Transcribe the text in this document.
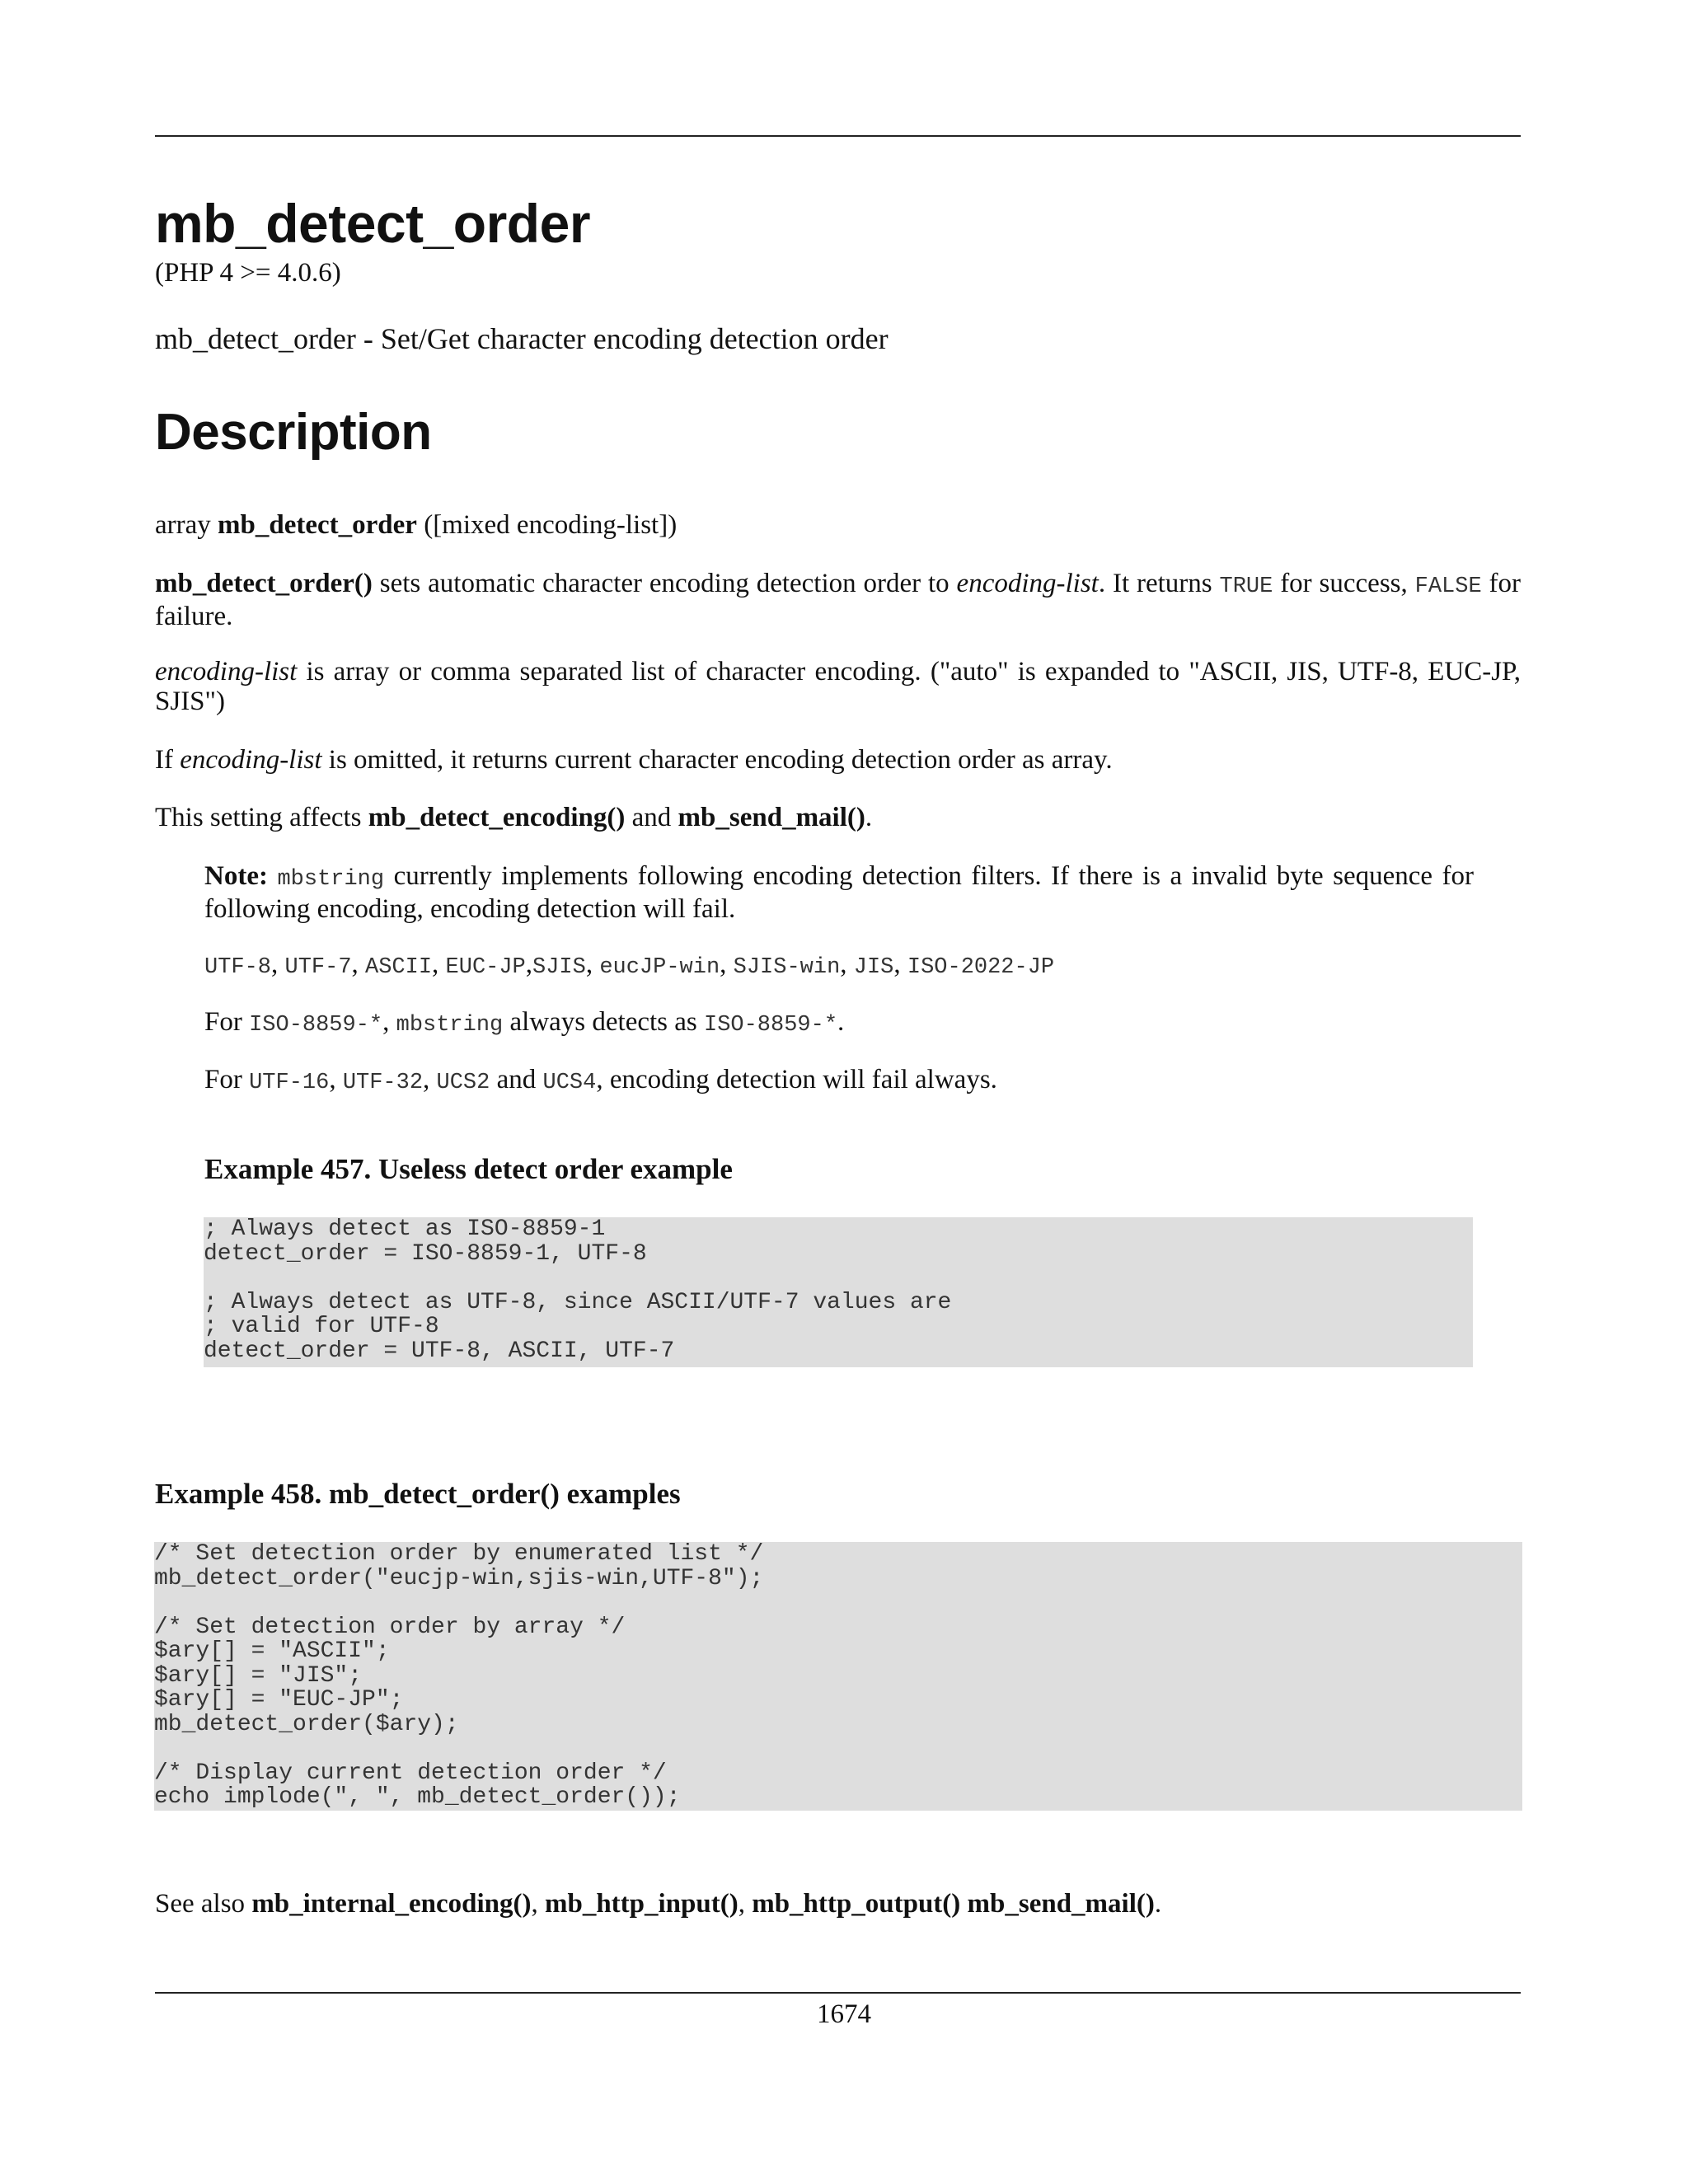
mb_detect_order
(PHP 4 >= 4.0.6)
mb_detect_order - Set/Get character encoding detection order
Description
array mb_detect_order ([mixed encoding-list])
mb_detect_order() sets automatic character encoding detection order to encoding-list. It returns TRUE for success, FALSE for failure.
encoding-list is array or comma separated list of character encoding. ("auto" is expanded to "ASCII, JIS, UTF-8, EUC-JP, SJIS")
If encoding-list is omitted, it returns current character encoding detection order as array.
This setting affects mb_detect_encoding() and mb_send_mail().
Note: mbstring currently implements following encoding detection filters. If there is a invalid byte sequence for following encoding, encoding detection will fail.
UTF-8, UTF-7, ASCII, EUC-JP,SJIS, eucJP-win, SJIS-win, JIS, ISO-2022-JP
For ISO-8859-*, mbstring always detects as ISO-8859-*.
For UTF-16, UTF-32, UCS2 and UCS4, encoding detection will fail always.
Example 457. Useless detect order example
; Always detect as ISO-8859-1
detect_order = ISO-8859-1, UTF-8
; Always detect as UTF-8, since ASCII/UTF-7 values are
; valid for UTF-8
detect_order = UTF-8, ASCII, UTF-7
Example 458. mb_detect_order() examples
/* Set detection order by enumerated list */
mb_detect_order("eucjp-win,sjis-win,UTF-8");
/* Set detection order by array */
$ary[] = "ASCII";
$ary[] = "JIS";
$ary[] = "EUC-JP";
mb_detect_order($ary);
/* Display current detection order */
echo implode(", ", mb_detect_order());
See also mb_internal_encoding(), mb_http_input(), mb_http_output() mb_send_mail().
1674
